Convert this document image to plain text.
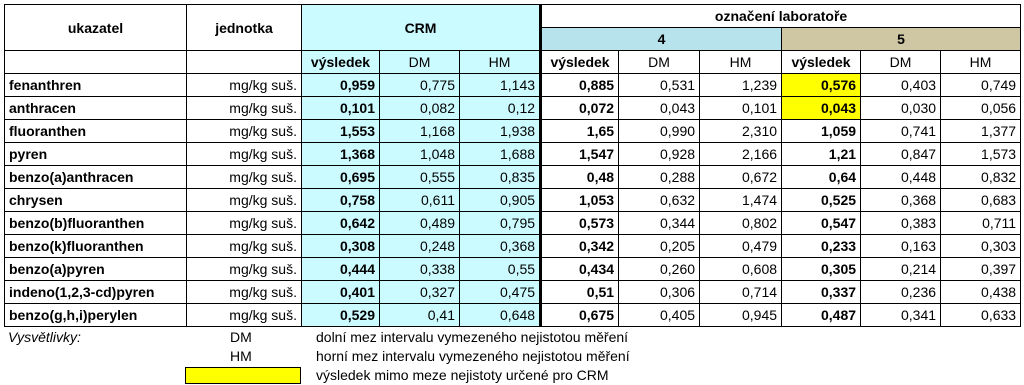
ukazatel	jednotka	CRM			označení laboratoře					
					4			5		
		výsledek	DM	HM	výsledek	DM	HM	výsledek	DM	HM
fenanthren	mg/kg suš.	0,959	0,775	1,143	0,885	0,531	1,239	0,576	0,403	0,749
anthracen	mg/kg suš.	0,101	0,082	0,12	0,072	0,043	0,101	0,043	0,030	0,056
fluoranthen	mg/kg suš.	1,553	1,168	1,938	1,65	0,990	2,310	1,059	0,741	1,377
pyren	mg/kg suš.	1,368	1,048	1,688	1,547	0,928	2,166	1,21	0,847	1,573
benzo(a)anthracen	mg/kg suš.	0,695	0,555	0,835	0,48	0,288	0,672	0,64	0,448	0,832
chrysen	mg/kg suš.	0,758	0,611	0,905	1,053	0,632	1,474	0,525	0,368	0,683
benzo(b)fluoranthen	mg/kg suš.	0,642	0,489	0,795	0,573	0,344	0,802	0,547	0,383	0,711
benzo(k)fluoranthen	mg/kg suš.	0,308	0,248	0,368	0,342	0,205	0,479	0,233	0,163	0,303
benzo(a)pyren	mg/kg suš.	0,444	0,338	0,55	0,434	0,260	0,608	0,305	0,214	0,397
indeno(1,2,3-cd)pyren	mg/kg suš.	0,401	0,327	0,475	0,51	0,306	0,714	0,337	0,236	0,438
benzo(g,h,i)perylen	mg/kg suš.	0,529	0,41	0,648	0,675	0,405	0,945	0,487	0,341	0,633
Vysvětlivky:	DM	dolní mez intervalu vymezeného nejistotou měření
HM	horní mez intervalu vymezeného nejistotou měření
výsledek mimo meze nejistoty určené pro CRM
